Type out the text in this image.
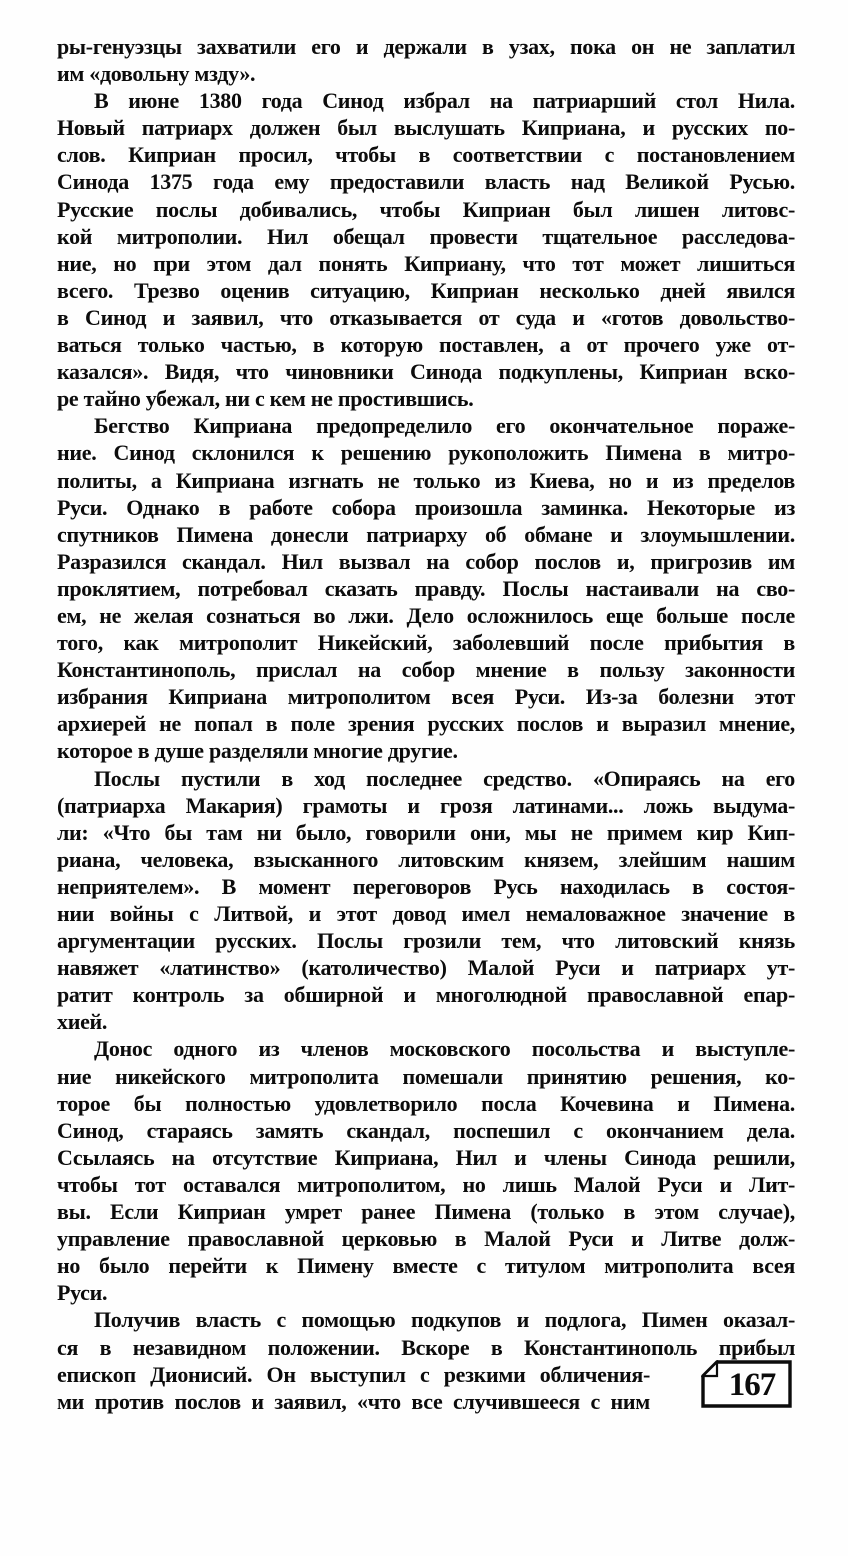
ры-генуэзцы захватили его и держали в узах, пока он не заплатил
им «довольну мзду».
В июне 1380 года Синод избрал на патриарший стол Нила.
Новый патриарх должен был выслушать Киприана, и русских по-
слов. Киприан просил, чтобы в соответствии с постановлением
Синода 1375 года ему предоставили власть над Великой Русью.
Русские послы добивались, чтобы Киприан был лишен литовс-
кой митрополии. Нил обещал провести тщательное расследова-
ние, но при этом дал понять Киприану, что тот может лишиться
всего. Трезво оценив ситуацию, Киприан несколько дней явился
в Синод и заявил, что отказывается от суда и «готов довольство-
ваться только частью, в которую поставлен, а от прочего уже от-
казался». Видя, что чиновники Синода подкуплены, Киприан вско-
ре тайно убежал, ни с кем не простившись.
Бегство Киприана предопределило его окончательное пораже-
ние. Синод склонился к решению рукоположить Пимена в митро-
политы, а Киприана изгнать не только из Киева, но и из пределов
Руси. Однако в работе собора произошла заминка. Некоторые из
спутников Пимена донесли патриарху об обмане и злоумышлении.
Разразился скандал. Нил вызвал на собор послов и, пригрозив им
проклятием, потребовал сказать правду. Послы настаивали на сво-
ем, не желая сознаться во лжи. Дело осложнилось еще больше после
того, как митрополит Никейский, заболевший после прибытия в
Константинополь, прислал на собор мнение в пользу законности
избрания Киприана митрополитом всея Руси. Из-за болезни этот
архиерей не попал в поле зрения русских послов и выразил мнение,
которое в душе разделяли многие другие.
Послы пустили в ход последнее средство. «Опираясь на его
(патриарха Макария) грамоты и грозя латинами... ложь выдума-
ли: «Что бы там ни было, говорили они, мы не примем кир Кип-
риана, человека, взысканного литовским князем, злейшим нашим
неприятелем». В момент переговоров Русь находилась в состоя-
нии войны с Литвой, и этот довод имел немаловажное значение в
аргументации русских. Послы грозили тем, что литовский князь
навяжет «латинство» (католичество) Малой Руси и патриарх ут-
ратит контроль за обширной и многолюдной православной епар-
хией.
Донос одного из членов московского посольства и выступле-
ние никейского митрополита помешали принятию решения, ко-
торое бы полностью удовлетворило посла Кочевина и Пимена.
Синод, стараясь замять скандал, поспешил с окончанием дела.
Ссылаясь на отсутствие Киприана, Нил и члены Синода решили,
чтобы тот оставался митрополитом, но лишь Малой Руси и Лит-
вы. Если Киприан умрет ранее Пимена (только в этом случае),
управление православной церковью в Малой Руси и Литве долж-
но было перейти к Пимену вместе с титулом митрополита всея
Руси.
Получив власть с помощью подкупов и подлога, Пимен оказал-
ся в незавидном положении. Вскоре в Константинополь прибыл
епископ Дионисий. Он выступил с резкими обличения-
ми против послов и заявил, «что все случившееся с ним	167
